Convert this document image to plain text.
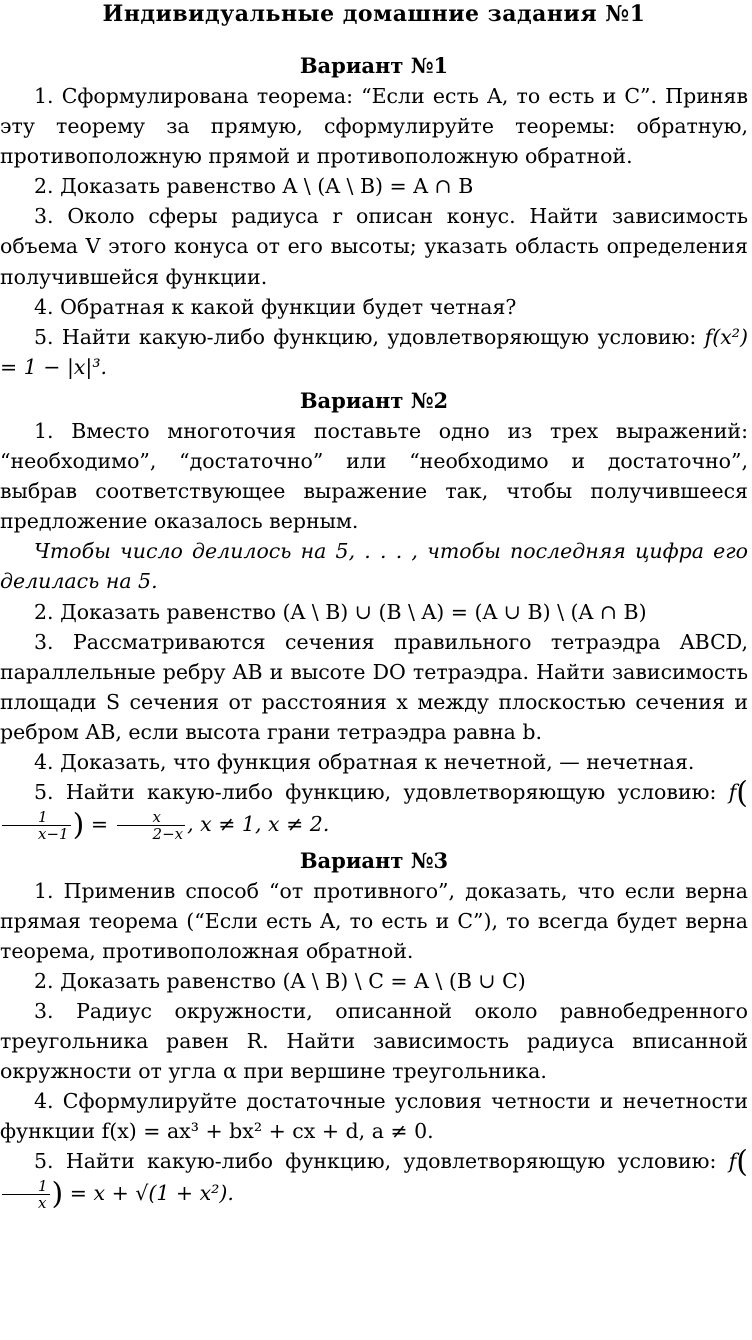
Индивидуальные домашние задания №1
Вариант №1

1. Сформулирована теорема: “Если есть A, то есть и C”. Приняв эту теорему за прямую, сформулируйте теоремы: обратную, противоположную прямой и противоположную обратной.

2. Доказать равенство A \ (A \ B) = A ∩ B

3. Около сферы радиуса r описан конус. Найти зависимость объема V этого конуса от его высоты; указать область определения получившейся функции.

4. Обратная к какой функции будет четная?

5. Найти какую-либо функцию, удовлетворяющую условию: f(x²) = 1 − |x|³.

Вариант №2

1. Вместо многоточия поставьте одно из трех выражений: “необходимо”, “достаточно” или “необходимо и достаточно”, выбрав соответствующее выражение так, чтобы получившееся предложение оказалось верным.

Чтобы число делилось на 5, . . . , чтобы последняя цифра его делилась на 5.

2. Доказать равенство (A \ B) ∪ (B \ A) = (A ∪ B) \ (A ∩ B)

3. Рассматриваются сечения правильного тетраэдра ABCD, параллельные ребру AB и высоте DO тетраэдра. Найти зависимость площади S сечения от расстояния x между плоскостью сечения и ребром AB, если высота грани тетраэдра равна b.

4. Доказать, что функция обратная к нечетной, — нечетная.

5. Найти какую-либо функцию, удовлетворяющую условию: f(
$\frac{1}{x-1}$ ) = $\frac{x}{2-x}$ , x ≠ 1, x ≠ 2.

Вариант №3

1. Применив способ “от противного”, доказать, что если верна прямая теорема (“Если есть A, то есть и C”), то всегда будет верна теорема, противоположная обратной.

2. Доказать равенство (A \ B) \ C = A \ (B ∪ C)

3. Радиус окружности, описанной около равнобедренного треугольника равен R. Найти зависимость радиуса вписанной окружности от угла α при вершине треугольника.

4. Сформулируйте достаточные условия четности и нечетности функции f(x) = ax³ + bx² + cx + d, a ≠ 0.

5. Найти какую-либо функцию, удовлетворяющую условию: f(
$\frac{1}{x}$ ) = x + √(1 + x²).
